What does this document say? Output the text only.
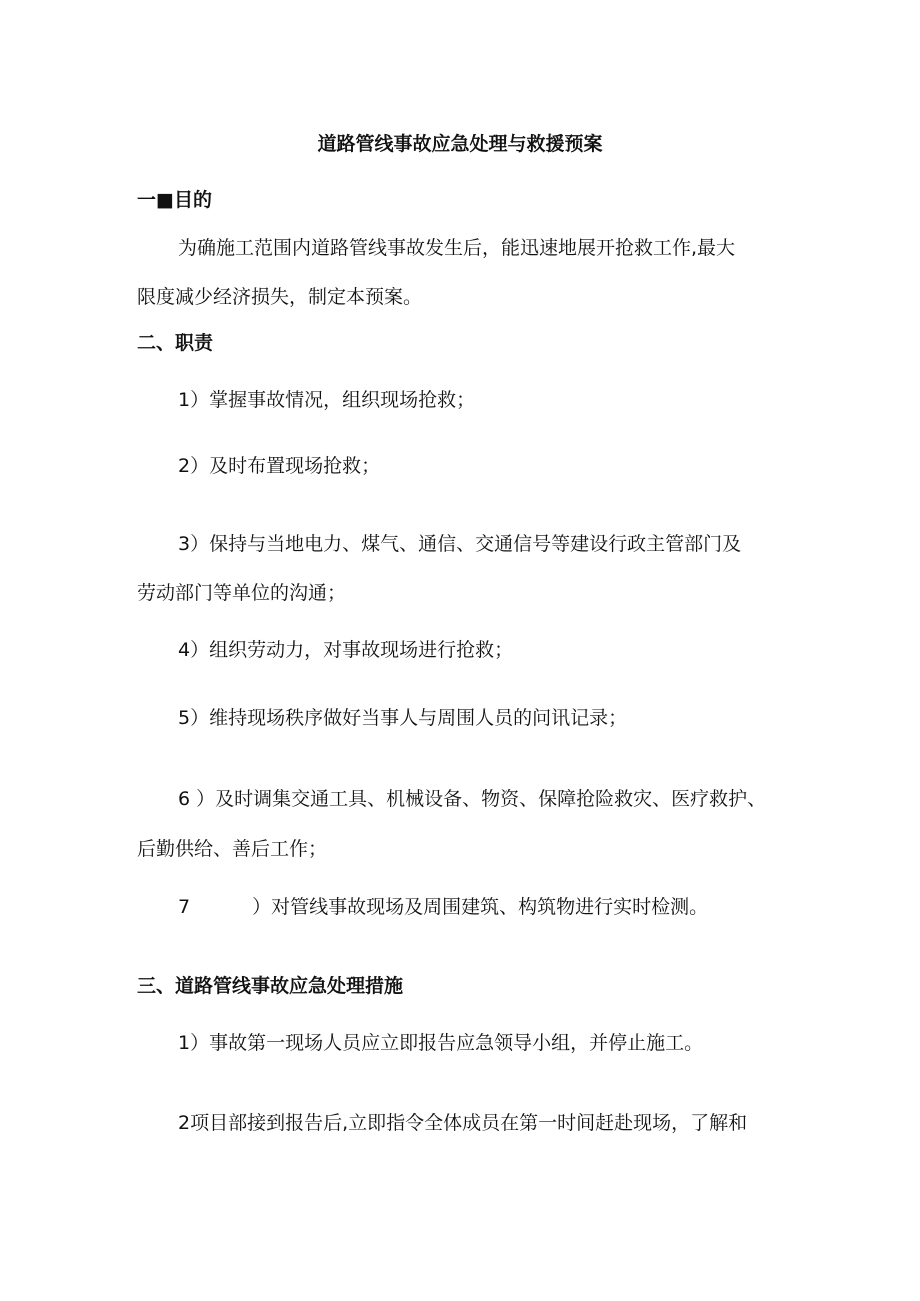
道路管线事故应急处理与救援预案
一■目的
为确施工范围内道路管线事故发生后，能迅速地展开抢救工作,最大
限度减少经济损失，制定本预案。
二、职责
1）掌握事故情况，组织现场抢救；
2）及时布置现场抢救；
3）保持与当地电力、煤气、通信、交通信号等建设行政主管部门及
劳动部门等单位的沟通；
4）组织劳动力，对事故现场进行抢救；
5）维持现场秩序做好当事人与周围人员的问讯记录；
6 ）及时调集交通工具、机械设备、物资、保障抢险救灾、医疗救护、
后勤供给、善后工作；
7	）对管线事故现场及周围建筑、构筑物进行实时检测。
三、道路管线事故应急处理措施
1）事故第一现场人员应立即报告应急领导小组，并停止施工。
2项目部接到报告后,立即指令全体成员在第一时间赶赴现场，了解和
